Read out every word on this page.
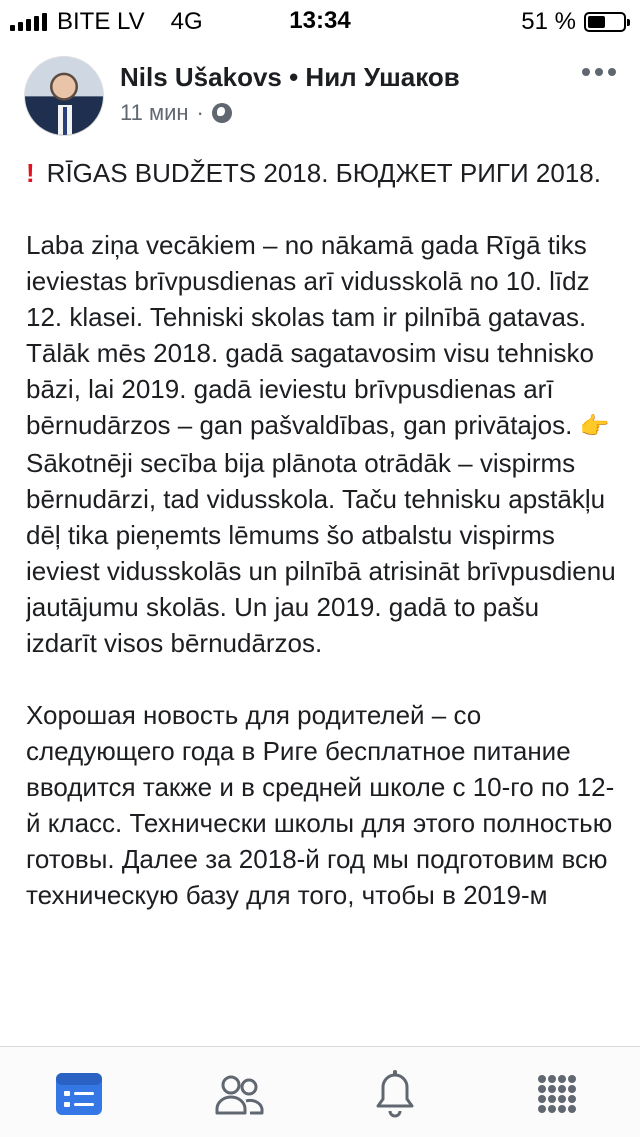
BITE LV 4G	13:34	51 %
Nils Ušakovs • Нил Ушаков
11 мин ·

! RĪGAS BUDŽETS 2018. БЮДЖЕТ РИГИ 2018.

Laba ziņa vecākiem – no nākamā gada Rīgā tiks ieviestas brīvpusdienas arī vidusskolā no 10. līdz 12. klasei. Tehniski skolas tam ir pilnībā gatavas. Tālāk mēs 2018. gadā sagatavosim visu tehnisko bāzi, lai 2019. gadā ieviestu brīvpusdienas arī bērnudārzos – gan pašvaldības, gan privātajos. 👉 Sākotnēji secība bija plānota otrādāk – vispirms bērnudārzi, tad vidusskola. Taču tehnisku apstākļu dēļ tika pieņemts lēmums šo atbalstu vispirms ieviest vidusskolās un pilnībā atrisināt brīvpusdienu jautājumu skolās. Un jau 2019. gadā to pašu izdarīt visos bērnudārzos.

Хорошая новость для родителей – со следующего года в Риге бесплатное питание вводится также и в средней школе с 10-го по 12-й класс. Технически школы для этого полностью готовы. Далее за 2018-й год мы подготовим всю техническую базу для того, чтобы в 2019-м
